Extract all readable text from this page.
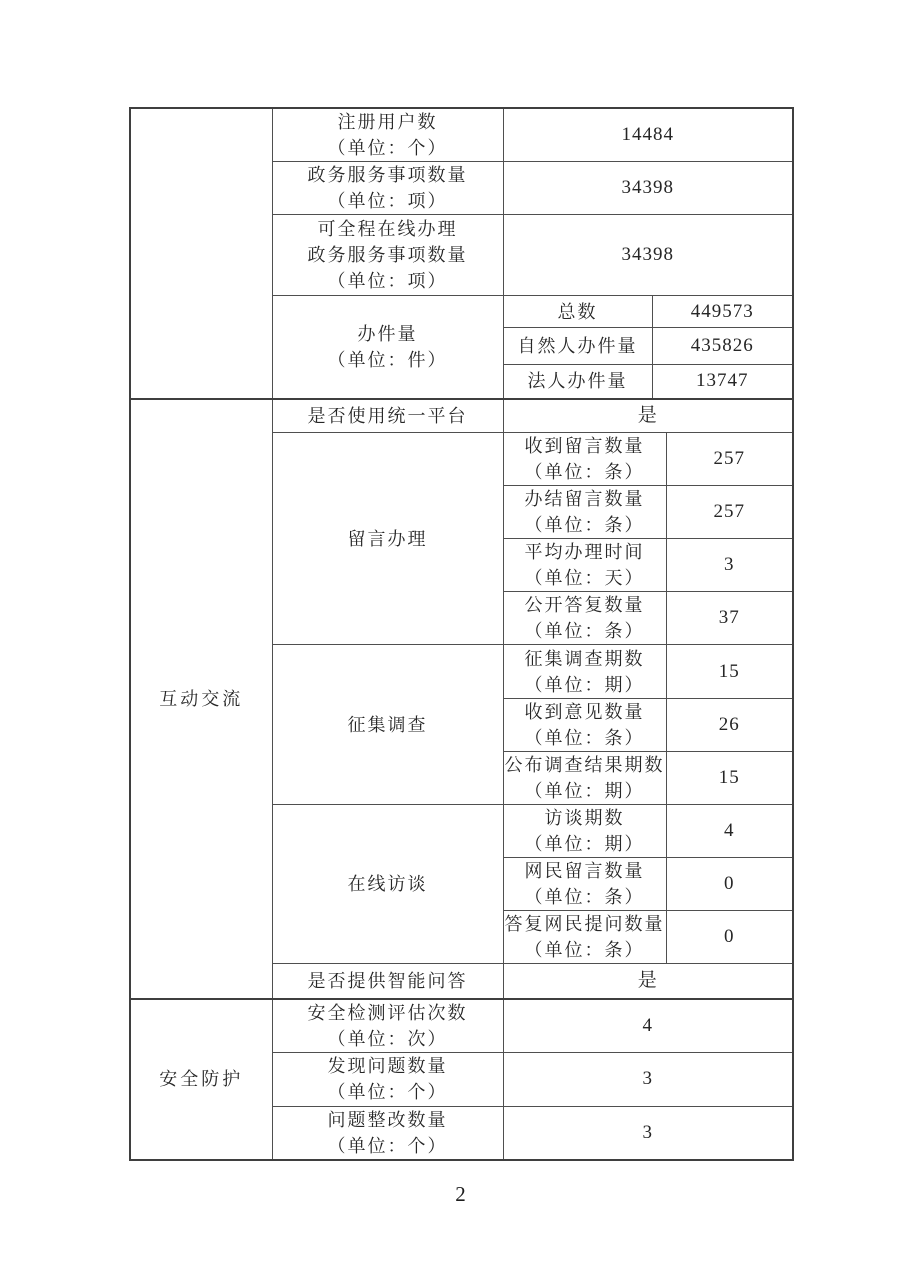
	注册用户数
（单位：个）	14484		

	政务服务事项数量
（单位：项）	34398		

	可全程在线办理
政务服务事项数量
（单位：项）	34398		

	办件量
（单位：件）	总数	449573	
		自然人办件量	435826	
		法人办件量	13747	
互动交流	是否使用统一平台	是		
	留言办理	收到留言数量
（单位：条）		257

		办结留言数量
（单位：条）		257

		平均办理时间
（单位：天）		3

		公开答复数量
（单位：条）		37
	征集调查	征集调查期数
（单位：期）		15

		收到意见数量
（单位：条）		26

		公布调查结果期数
（单位：期）		15
	在线访谈	访谈期数
（单位：期）		4

		网民留言数量
（单位：条）		0

		答复网民提问数量
（单位：条）		0
	是否提供智能问答	是		
安全防护	安全检测评估次数
（单位：次）	4		

	发现问题数量
（单位：个）	3		

	问题整改数量
（单位：个）	3		
2
